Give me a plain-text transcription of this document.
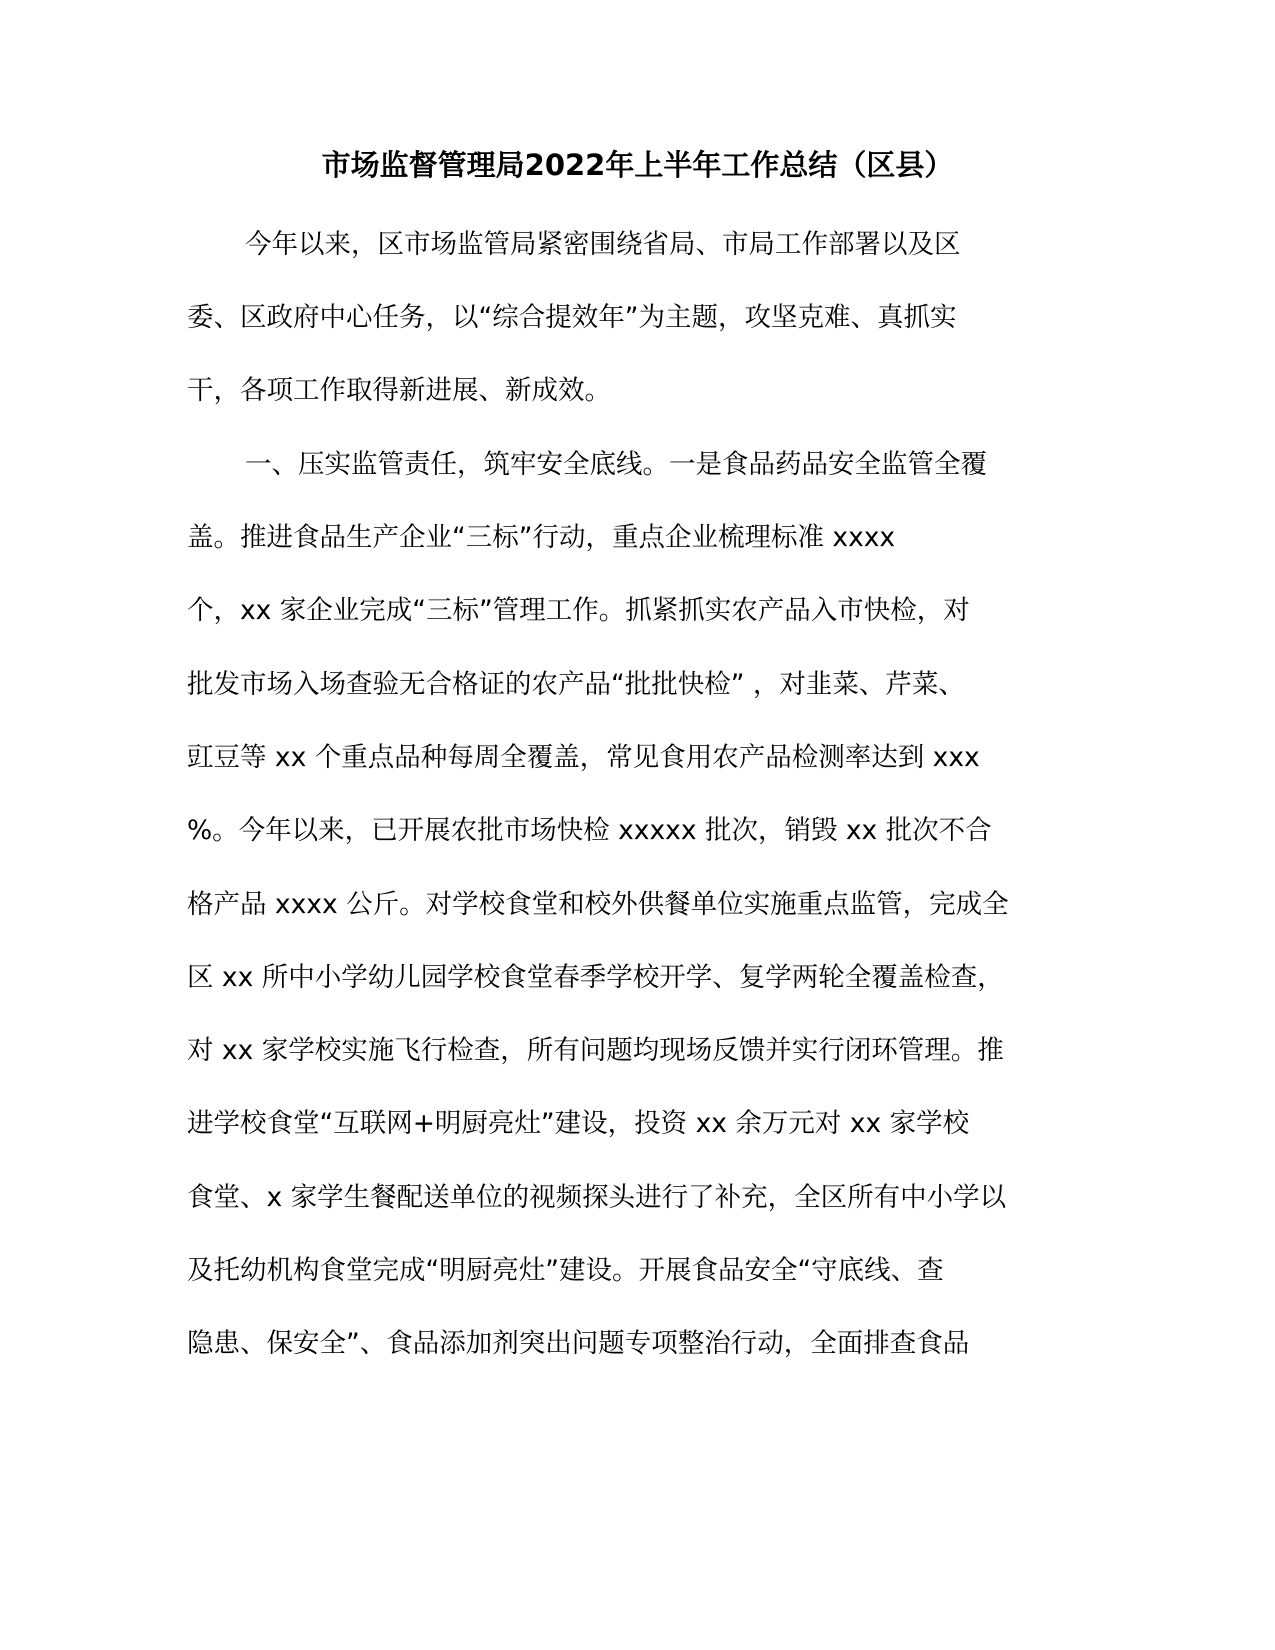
市场监督管理局2022年上半年工作总结（区县）

今年以来，区市场监管局紧密围绕省局、市局工作部署以及区

委、区政府中心任务，以“综合提效年”为主题，攻坚克难、真抓实

干，各项工作取得新进展、新成效。

一、压实监管责任，筑牢安全底线。一是食品药品安全监管全覆

盖。推进食品生产企业“三标”行动，重点企业梳理标准 xxxx

个，xx 家企业完成“三标”管理工作。抓紧抓实农产品入市快检，对

批发市场入场查验无合格证的农产品“批批快检” ，对韭菜、芹菜、

豇豆等 xx 个重点品种每周全覆盖，常见食用农产品检测率达到 xxx

%。今年以来，已开展农批市场快检 xxxxx 批次，销毁 xx 批次不合

格产品 xxxx 公斤。对学校食堂和校外供餐单位实施重点监管，完成全

区 xx 所中小学幼儿园学校食堂春季学校开学、复学两轮全覆盖检查，

对 xx 家学校实施飞行检查，所有问题均现场反馈并实行闭环管理。推

进学校食堂“互联网+明厨亮灶”建设，投资 xx 余万元对 xx 家学校

食堂、x 家学生餐配送单位的视频探头进行了补充，全区所有中小学以

及托幼机构食堂完成“明厨亮灶”建设。开展食品安全“守底线、查

隐患、保安全”、食品添加剂突出问题专项整治行动，全面排查食品
